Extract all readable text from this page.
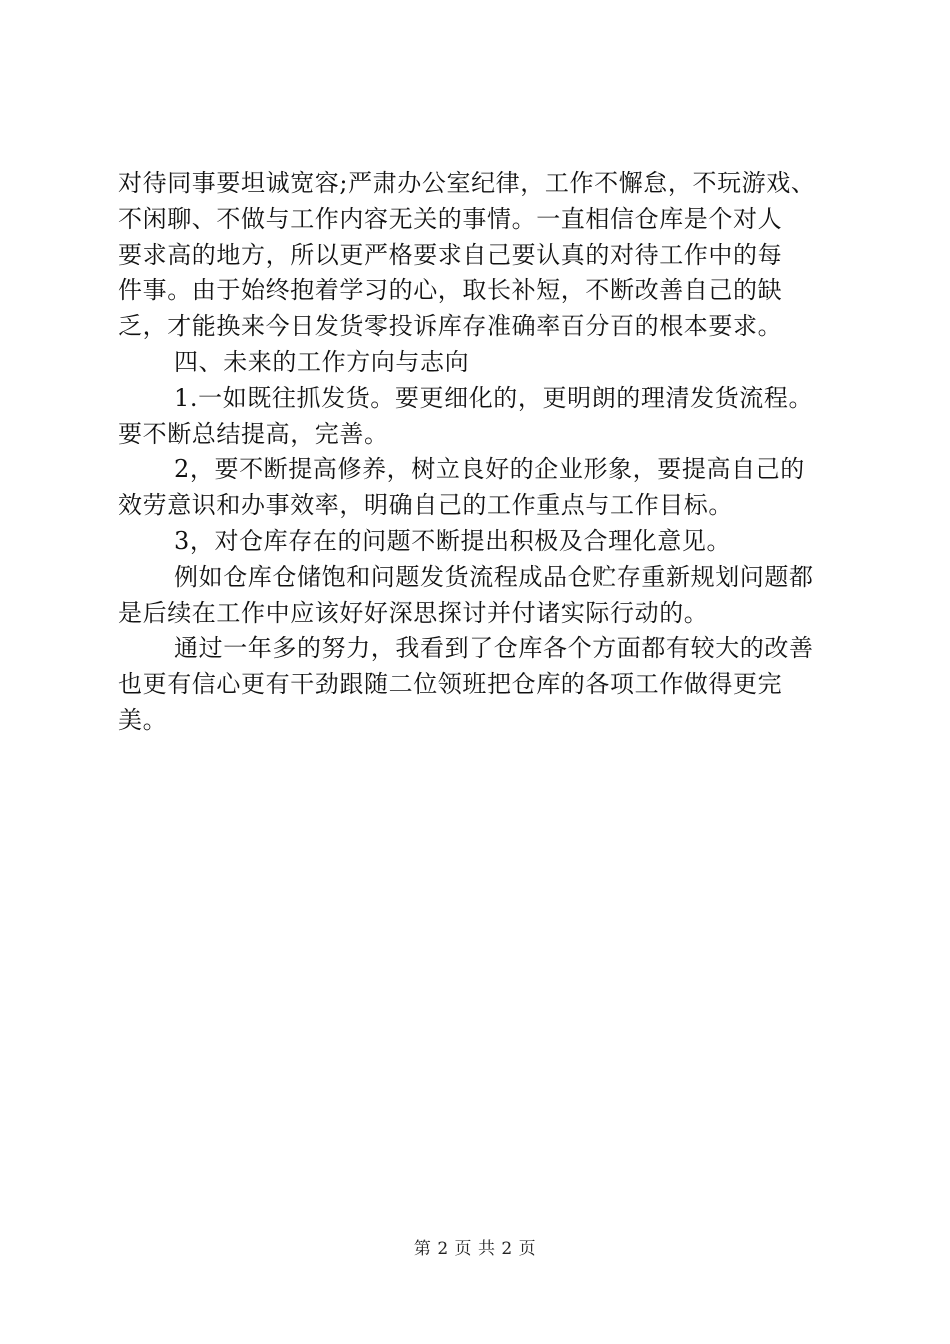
对待同事要坦诚宽容;严肃办公室纪律，工作不懈怠，不玩游戏、
不闲聊、不做与工作内容无关的事情。一直相信仓库是个对人
要求高的地方，所以更严格要求自己要认真的对待工作中的每
件事。由于始终抱着学习的心，取长补短，不断改善自己的缺
乏，才能换来今日发货零投诉库存准确率百分百的根本要求。
四、未来的工作方向与志向
1.一如既往抓发货。要更细化的，更明朗的理清发货流程。
要不断总结提高，完善。
2，要不断提高修养，树立良好的企业形象，要提高自己的
效劳意识和办事效率，明确自己的工作重点与工作目标。
3，对仓库存在的问题不断提出积极及合理化意见。
例如仓库仓储饱和问题发货流程成品仓贮存重新规划问题都
是后续在工作中应该好好深思探讨并付诸实际行动的。
通过一年多的努力，我看到了仓库各个方面都有较大的改善
也更有信心更有干劲跟随二位领班把仓库的各项工作做得更完
美。
第 2 页 共 2 页
